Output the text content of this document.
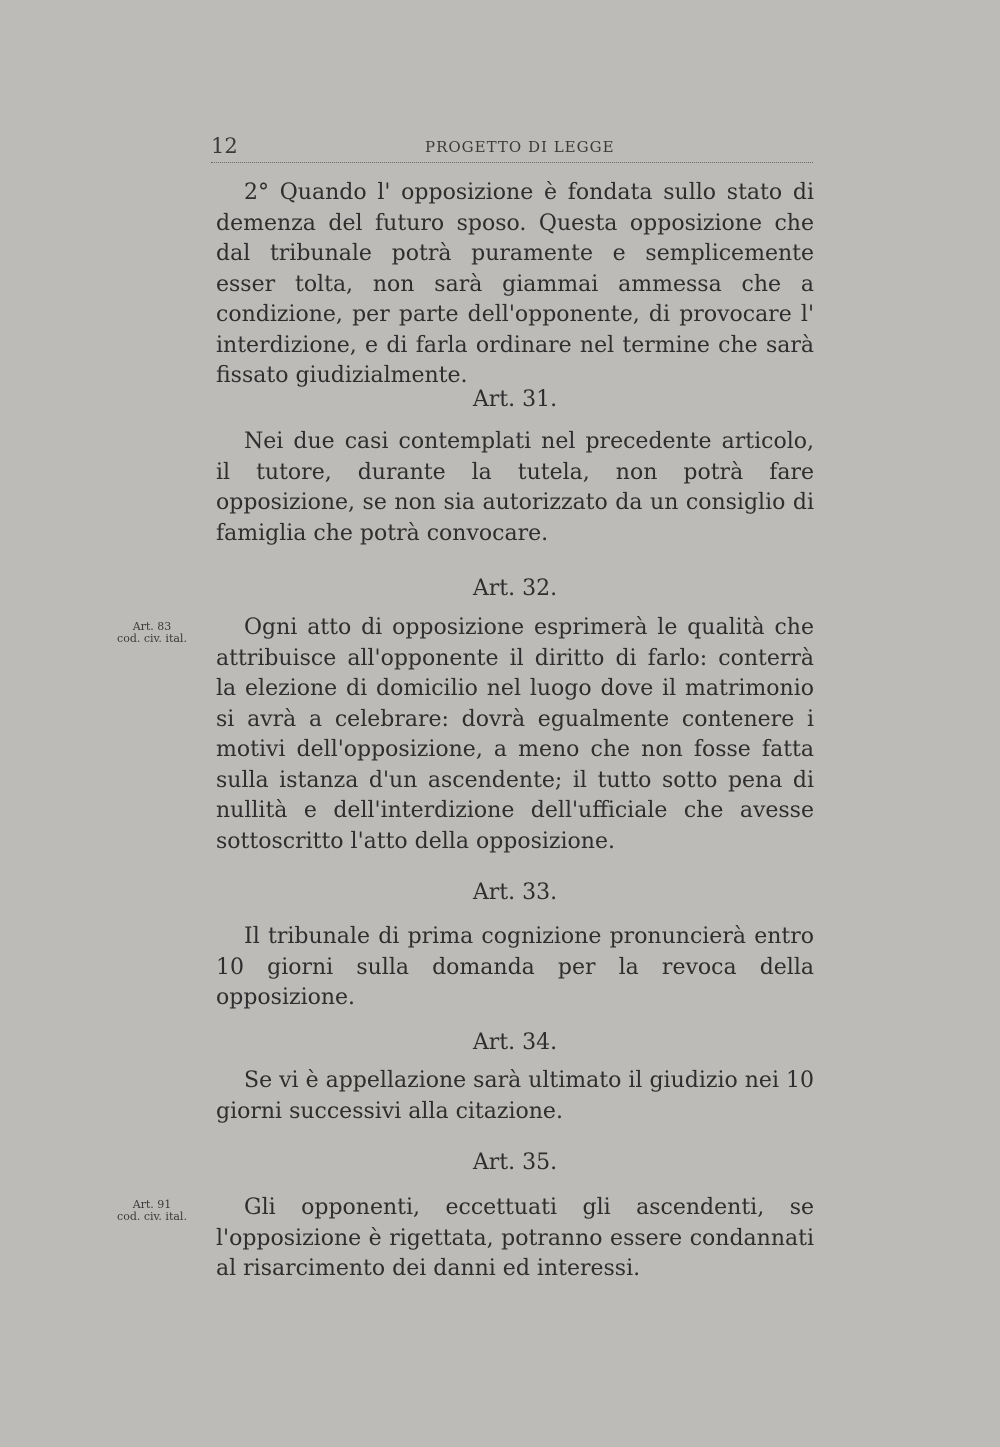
12	PROGETTO DI LEGGE

2° Quando l' opposizione è fondata sullo stato di demenza del futuro sposo. Questa opposizione che dal tribunale potrà puramente e semplicemente esser tolta, non sarà giammai ammessa che a condizione, per parte dell'opponente, di provocare l' interdizione, e di farla ordinare nel termine che sarà fissato giudizialmente.

Art. 31.

Nei due casi contemplati nel precedente articolo, il tutore, durante la tutela, non potrà fare opposizione, se non sia autorizzato da un consiglio di famiglia che potrà convocare.

Art. 32.
Art. 83
cod. civ. ital.	Ogni atto di opposizione esprimerà le qualità che attribuisce all'opponente il diritto di farlo: conterrà la elezione di domicilio nel luogo dove il matrimonio si avrà a celebrare: dovrà egualmente contenere i motivi dell'opposizione, a meno che non fosse fatta sulla istanza d'un ascendente; il tutto sotto pena di nullità e dell'interdizione dell'ufficiale che avesse sottoscritto l'atto della opposizione.

Art. 33.

Il tribunale di prima cognizione pronuncierà entro 10 giorni sulla domanda per la revoca della opposizione.

Art. 34.

Se vi è appellazione sarà ultimato il giudizio nei 10 giorni successivi alla citazione.

Art. 35.
Art. 91
cod. civ. ital.	Gli opponenti, eccettuati gli ascendenti, se l'opposizione è rigettata, potranno essere condannati al risarcimento dei danni ed interessi.
